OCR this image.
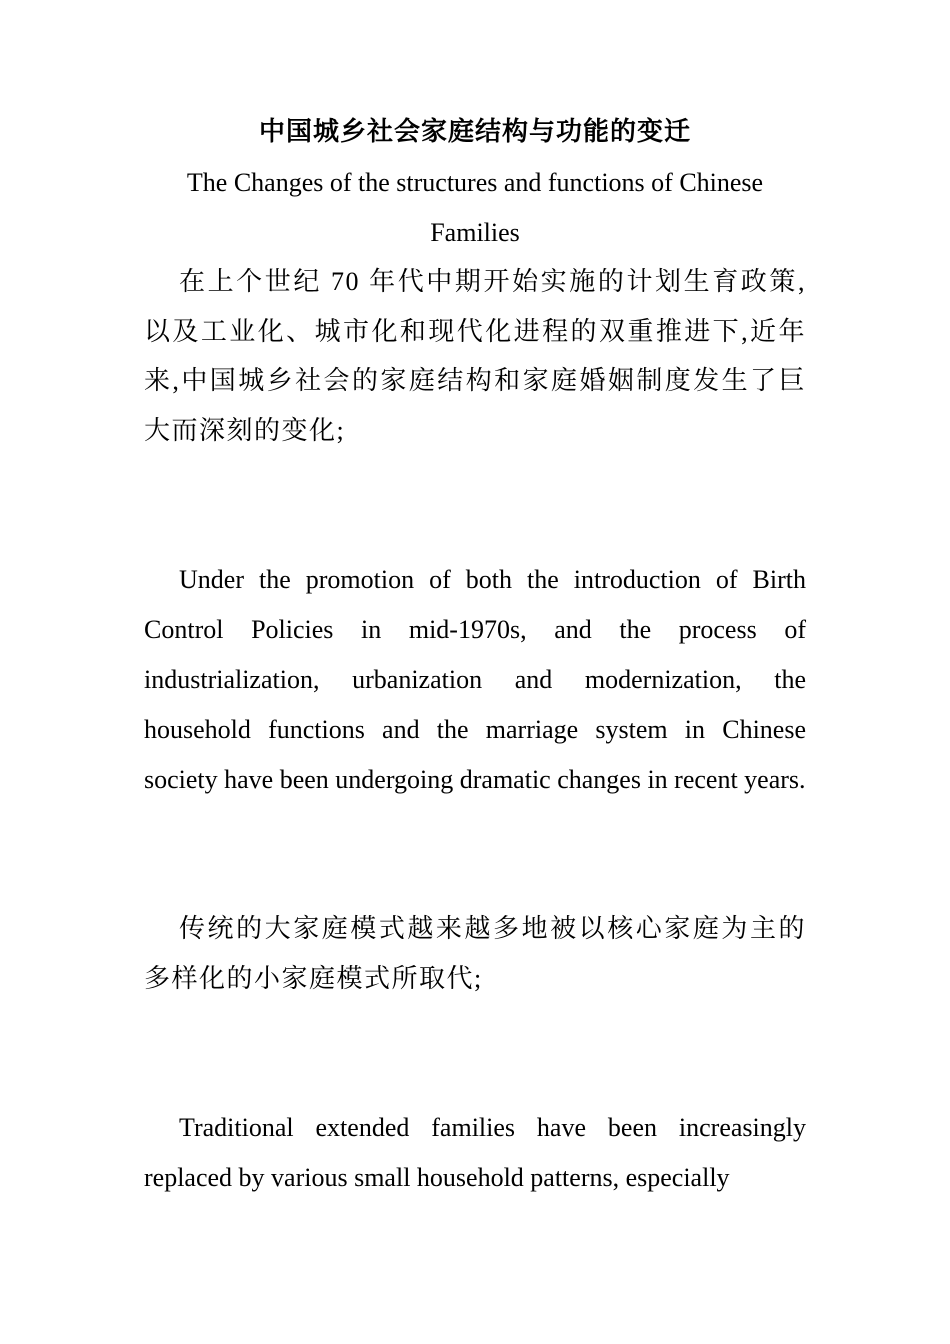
中国城乡社会家庭结构与功能的变迁
The Changes of the structures and functions of Chinese Families

在上个世纪 70 年代中期开始实施的计划生育政策,以及工业化、城市化和现代化进程的双重推进下,近年来,中国城乡社会的家庭结构和家庭婚姻制度发生了巨大而深刻的变化;

Under the promotion of both the introduction of Birth Control Policies in mid-1970s, and the process of industrialization, urbanization and modernization, the household functions and the marriage system in Chinese society have been undergoing dramatic changes in recent years.

传统的大家庭模式越来越多地被以核心家庭为主的多样化的小家庭模式所取代;

Traditional extended families have been increasingly replaced by various small household patterns, especially
